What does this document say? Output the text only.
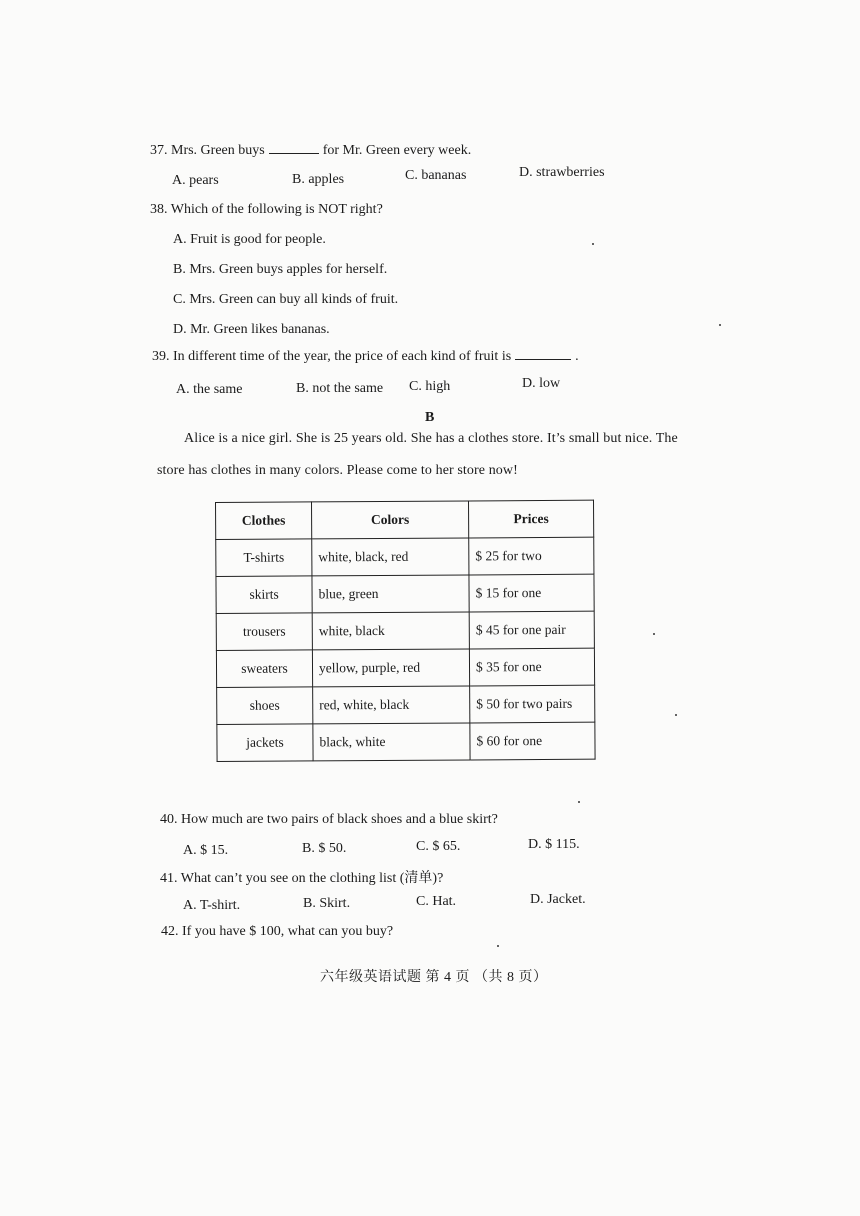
37. Mrs. Green buys	for Mr. Green every week.
A. pears	B. apples	C. bananas	D. strawberries
38. Which of the following is NOT right?
A. Fruit is good for people.
B. Mrs. Green buys apples for herself.
C. Mrs. Green can buy all kinds of fruit.
D. Mr. Green likes bananas.
39. In different time of the year, the price of each kind of fruit is	.
A. the same	B. not the same C. high	D. low
B
Alice is a nice girl. She is 25 years old. She has a clothes store. It’s small but nice. The
store has clothes in many colors. Please come to her store now!
Clothes	Colors	Prices
T-shirts	white, black, red	$ 25 for two
skirts	blue, green	$ 15 for one
trousers	white, black	$ 45 for one pair
sweaters	yellow, purple, red	$ 35 for one
shoes	red, white, black	$ 50 for two pairs
jackets	black, white	$ 60 for one
40. How much are two pairs of black shoes and a blue skirt?
A. $ 15.	B. $ 50.	C. $ 65.	D. $ 115.
41. What can’t you see on the clothing list (清单)?
A. T-shirt.	B. Skirt.	C. Hat.	D. Jacket.
42. If you have $ 100, what can you buy?
六年级英语试题 第 4 页 （共 8 页）
